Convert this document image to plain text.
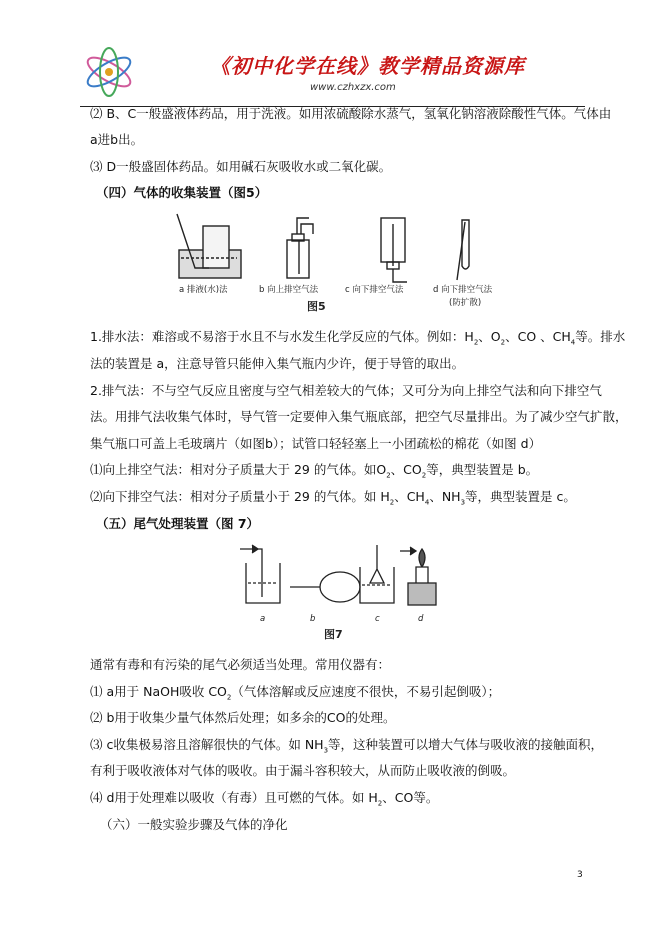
《初中化学在线》教学精品资源库
www.czhxzx.com
⑵ B、C一般盛液体药品，用于洗液。如用浓硫酸除水蒸气，氢氧化钠溶液除酸性气体。气体由
a进b出。
⑶ D一般盛固体药品。如用碱石灰吸收水或二氧化碳。
（四）气体的收集装置（图5）
a 排液(水)法	b 向上排空气法	c 向下排空气法	d 向下排空气法
(防扩散)
图5
1.排水法：难溶或不易溶于水且不与水发生化学反应的气体。例如：$H_2$、$O_2$、CO 、$CH_4$等。排水
法的装置是 a，注意导管只能伸入集气瓶内少许，便于导管的取出。
2.排气法：不与空气反应且密度与空气相差较大的气体；又可分为向上排空气法和向下排空气
法。用排气法收集气体时，导气管一定要伸入集气瓶底部，把空气尽量排出。为了减少空气扩散，
集气瓶口可盖上毛玻璃片（如图b）；试管口轻轻塞上一小团疏松的棉花（如图 d）
⑴向上排空气法：相对分子质量大于 29 的气体。如$O_2$、$CO_2$等，典型装置是 b。
⑵向下排空气法：相对分子质量小于 29 的气体。如 $H_2$、$CH_4$、$NH_3$等，典型装置是 c。
（五）尾气处理装置（图 7）
a	b	c	d
图7
通常有毒和有污染的尾气必须适当处理。常用仪器有：
⑴ a用于 NaOH吸收 $CO_2$（气体溶解或反应速度不很快，不易引起倒吸）；
⑵ b用于收集少量气体然后处理；如多余的CO的处理。
⑶ c收集极易溶且溶解很快的气体。如 $NH_3$等，这种装置可以增大气体与吸收液的接触面积，
有利于吸收液体对气体的吸收。由于漏斗容积较大，从而防止吸收液的倒吸。
⑷ d用于处理难以吸收（有毒）且可燃的气体。如 $H_2$、CO等。
（六）一般实验步骤及气体的净化
3
